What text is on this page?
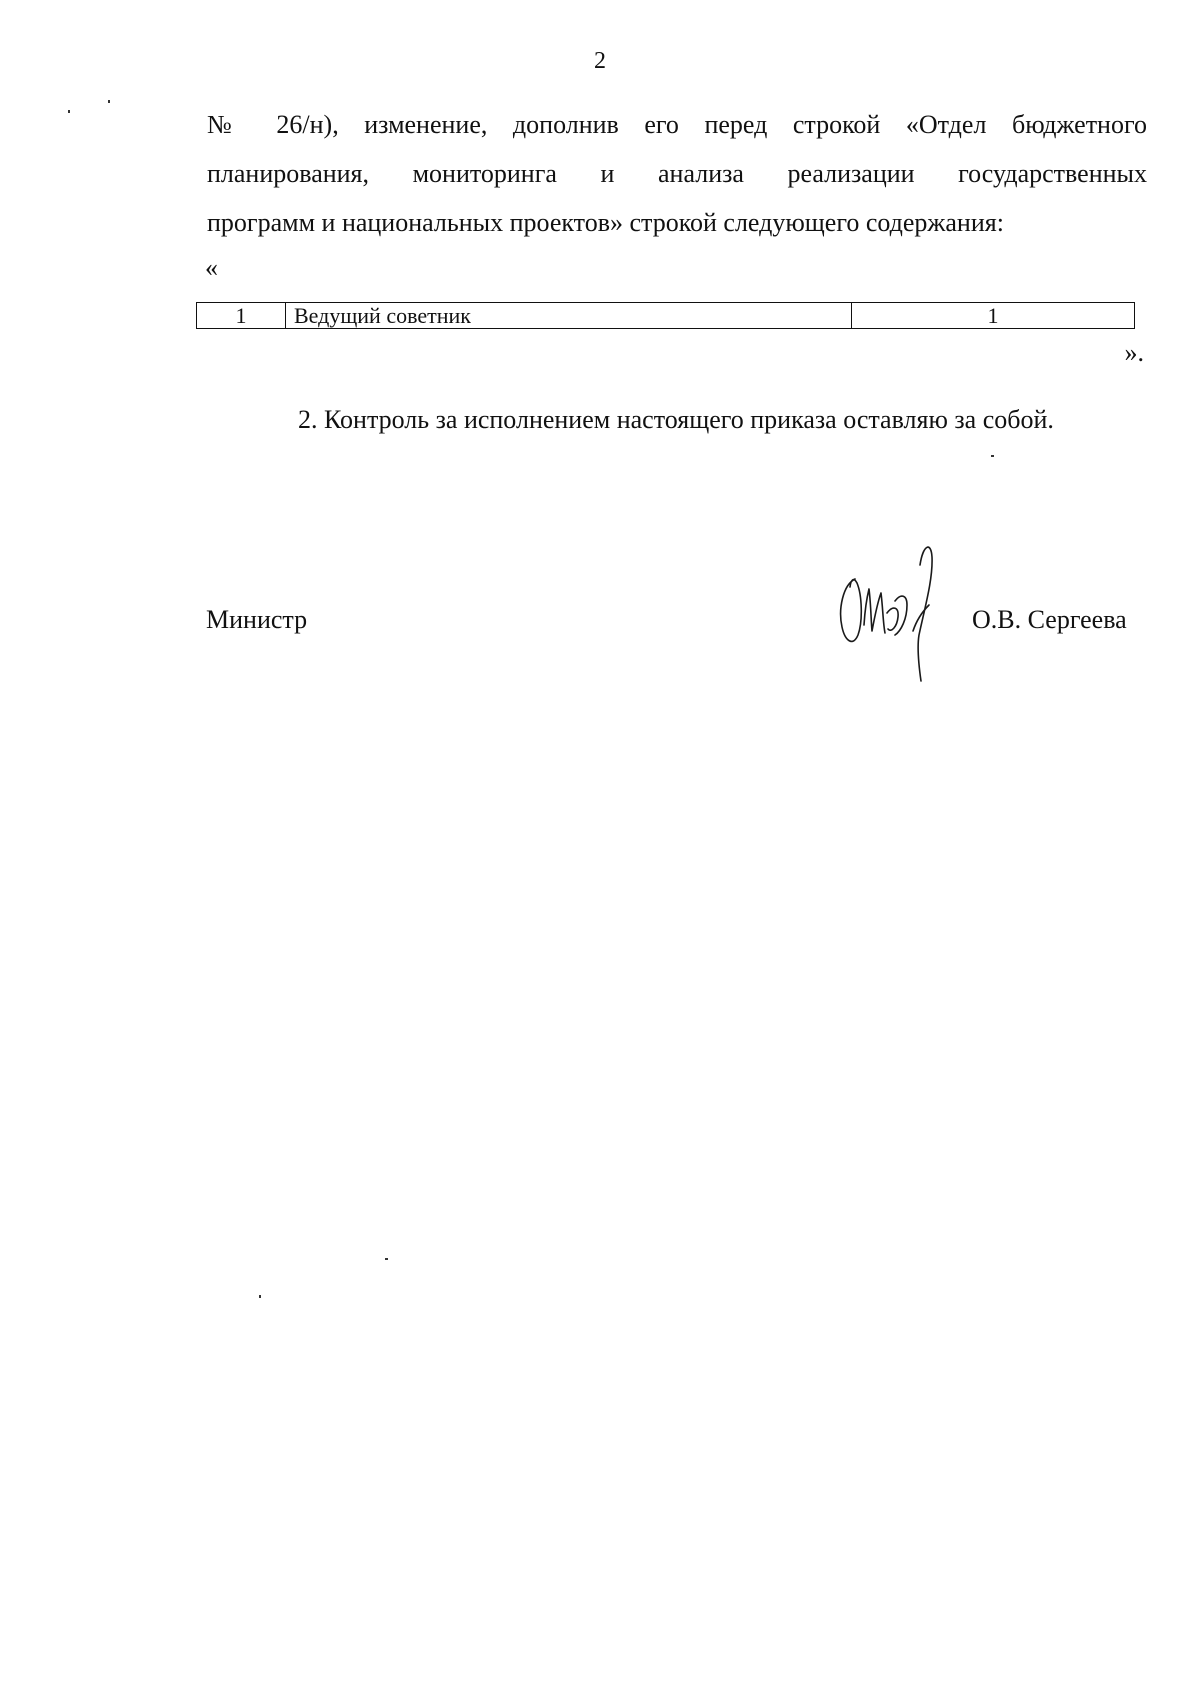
2
№ 26/н), изменение, дополнив его перед строкой «Отдел бюджетного
планирования, мониторинга и анализа реализации государственных
программ и национальных проектов» строкой следующего содержания:
«
1	Ведущий советник	1
».
2. Контроль за исполнением настоящего приказа оставляю за собой.
Министр	О.В. Сергеева
